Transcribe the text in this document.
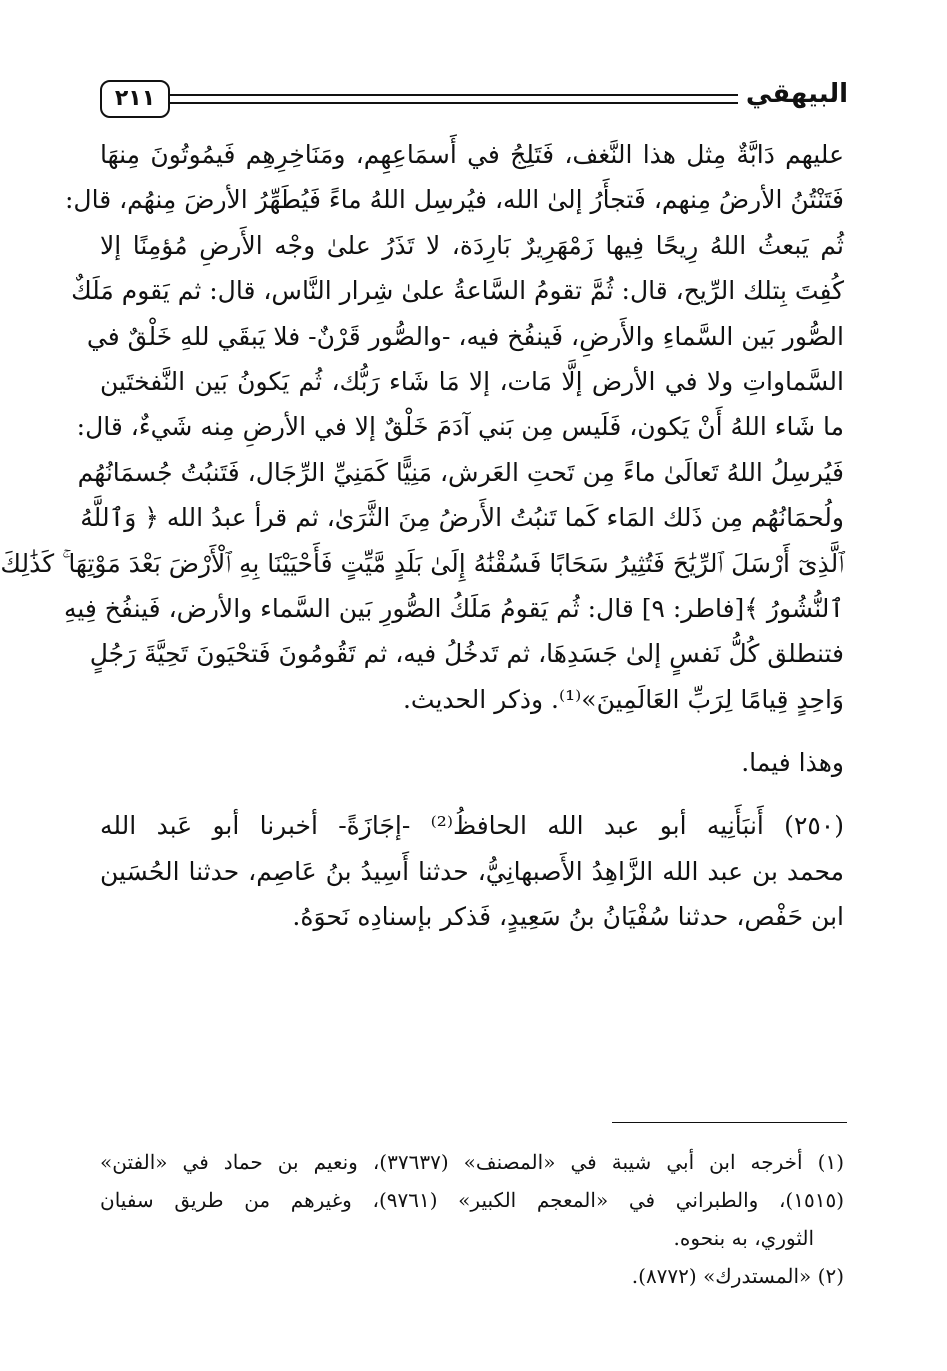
٢١١	البيهقي
عليهم دَابَّةٌ مِثل هذا النَّغف، فَتَلِجُ في أَسمَاعِهِم، ومَنَاخِرِهِم فَيمُوتُونَ مِنهَا
فَتَنْتُنُ الأرضُ مِنهم، فَتجأَرُ إلىٰ الله، فيُرسِل اللهُ ماءً فَيُطَهِّرُ الأرضَ مِنهُم، قال:
ثُم يَبعثُ اللهُ رِيحًا فِيها زَمْهَرِيرٌ بَارِدَة، لا تَذَرُ علىٰ وجْه الأَرضِ مُؤمِنًا إلا
كُفِتَ بِتلك الرِّيح، قال: ثُمَّ تقومُ السَّاعةُ علىٰ شِرار النَّاس، قال: ثم يَقوم مَلَكٌ
الصُّور بَين السَّماءِ والأَرضِ، فَينفُخ فيه، -والصُّور قَرْنٌ- فلا يَبقَي للهِ خَلْقٌ في
السَّماواتِ ولا في الأرض إلَّا مَات، إلا مَا شَاء رَبُّك، ثُم يَكونُ بَين النَّفختَين
ما شَاء اللهُ أَنْ يَكون، فَلَيس مِن بَني آدَمَ خَلْقٌ إلا في الأرضِ مِنه شَيءٌ، قال:
فَيُرسِلُ اللهُ تَعالَىٰ ماءً مِن تَحتِ العَرش، مَنِيًّا كَمَنِيِّ الرِّجَال، فَتَنبُتُ جُسمَانُهُم
ولُحمَانُهُم مِن ذَلك المَاء كَما تَنبُتُ الأَرضُ مِنَ الثَّرَىٰ، ثم قرأ عبدُ الله ﴿ وَٱللَّهُ
ٱلَّذِىٓ أَرْسَلَ ٱلرِّيَٰحَ فَتُثِيرُ سَحَابًا فَسُقْنَٰهُ إِلَىٰ بَلَدٍ مَّيِّتٍ فَأَحْيَيْنَا بِهِ ٱلْأَرْضَ بَعْدَ مَوْتِهَا ۚ كَذَٰلِكَ
ٱلنُّشُورُ ﴾[فاطر: ٩] قال: ثُم يَقومُ مَلَكُ الصُّورِ بَين السَّماء والأرض، فَينفُخ فِيهِ
فتنطلق كُلُّ نَفسٍ إلىٰ جَسَدِهَا، ثم تَدخُلُ فيه، ثم تَقُومُونَ فَتحْيَونَ تَحِيَّةَ رَجُلٍ
وَاحِدٍ قِيامًا لِرَبِّ العَالَمِينَ»⁽¹⁾. وذكر الحديث.
وهذا فيما.
(٢٥٠) أَنبَأَنِيه أبو عبد الله الحافظُ⁽²⁾ -إجَازَةً- أخبرنا أبو عَبد الله
محمد بن عبد الله الزَّاهِدُ الأَصبهانِيُّ، حدثنا أَسِيدُ بنُ عَاصِم، حدثنا الحُسَين
ابن حَفْص، حدثنا سُفْيَانُ بنُ سَعِيدٍ، فَذكر بإسنادِه نَحوَهُ.
(١) أخرجه ابن أبي شيبة في «المصنف» (٣٧٦٣٧)، ونعيم بن حماد في «الفتن»
(١٥١٥)، والطبراني في «المعجم الكبير» (٩٧٦١)، وغيرهم من طريق سفيان
الثوري، به بنحوه.
(٢) «المستدرك» (٨٧٧٢).
